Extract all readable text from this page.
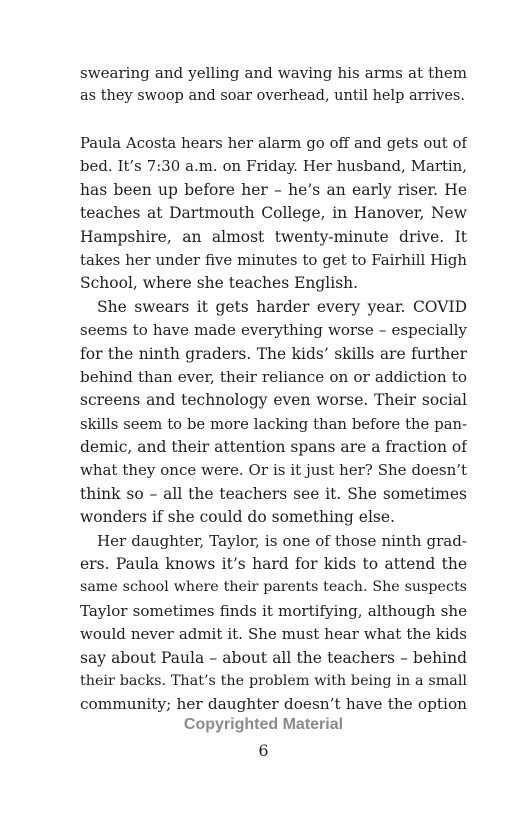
swearing and yelling and waving his arms at them
as they swoop and soar overhead, until help arrives.
Paula Acosta hears her alarm go off and gets out of
bed. It’s 7:30 a.m. on Friday. Her husband, Martin,
has been up before her – he’s an early riser. He
teaches at Dartmouth College, in Hanover, New
Hampshire, an almost twenty-minute drive. It
takes her under five minutes to get to Fairhill High
School, where she teaches English.
She swears it gets harder every year. COVID
seems to have made everything worse – especially
for the ninth graders. The kids’ skills are further
behind than ever, their reliance on or addiction to
screens and technology even worse. Their social
skills seem to be more lacking than before the pan-
demic, and their attention spans are a fraction of
what they once were. Or is it just her? She doesn’t
think so – all the teachers see it. She sometimes
wonders if she could do something else.
Her daughter, Taylor, is one of those ninth grad-
ers. Paula knows it’s hard for kids to attend the
same school where their parents teach. She suspects
Taylor sometimes finds it mortifying, although she
would never admit it. She must hear what the kids
say about Paula – about all the teachers – behind
their backs. That’s the problem with being in a small
community; her daughter doesn’t have the option
Copyrighted Material
6
